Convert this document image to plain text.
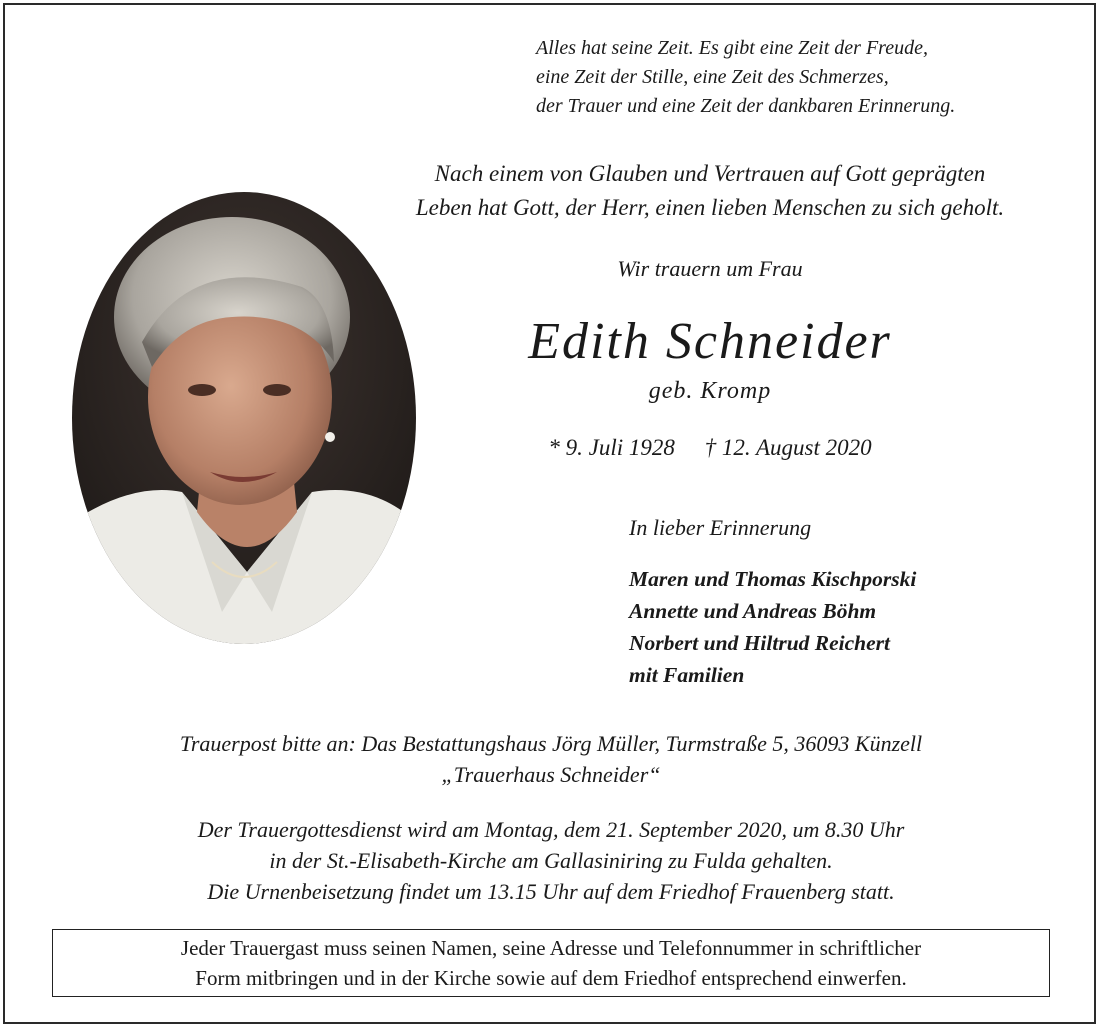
Alles hat seine Zeit. Es gibt eine Zeit der Freude,
eine Zeit der Stille, eine Zeit des Schmerzes,
der Trauer und eine Zeit der dankbaren Erinnerung.
Nach einem von Glauben und Vertrauen auf Gott geprägten
Leben hat Gott, der Herr, einen lieben Menschen zu sich geholt.
Wir trauern um Frau
Edith Schneider
geb. Kromp
* 9. Juli 1928 † 12. August 2020
In lieber Erinnerung
Maren und Thomas Kischporski
Annette und Andreas Böhm
Norbert und Hiltrud Reichert
mit Familien
Trauerpost bitte an: Das Bestattungshaus Jörg Müller, Turmstraße 5, 36093 Künzell
„Trauerhaus Schneider“
Der Trauergottesdienst wird am Montag, dem 21. September 2020, um 8.30 Uhr
in der St.-Elisabeth-Kirche am Gallasiniring zu Fulda gehalten.
Die Urnenbeisetzung findet um 13.15 Uhr auf dem Friedhof Frauenberg statt.
Jeder Trauergast muss seinen Namen, seine Adresse und Telefonnummer in schriftlicher
Form mitbringen und in der Kirche sowie auf dem Friedhof entsprechend einwerfen.
